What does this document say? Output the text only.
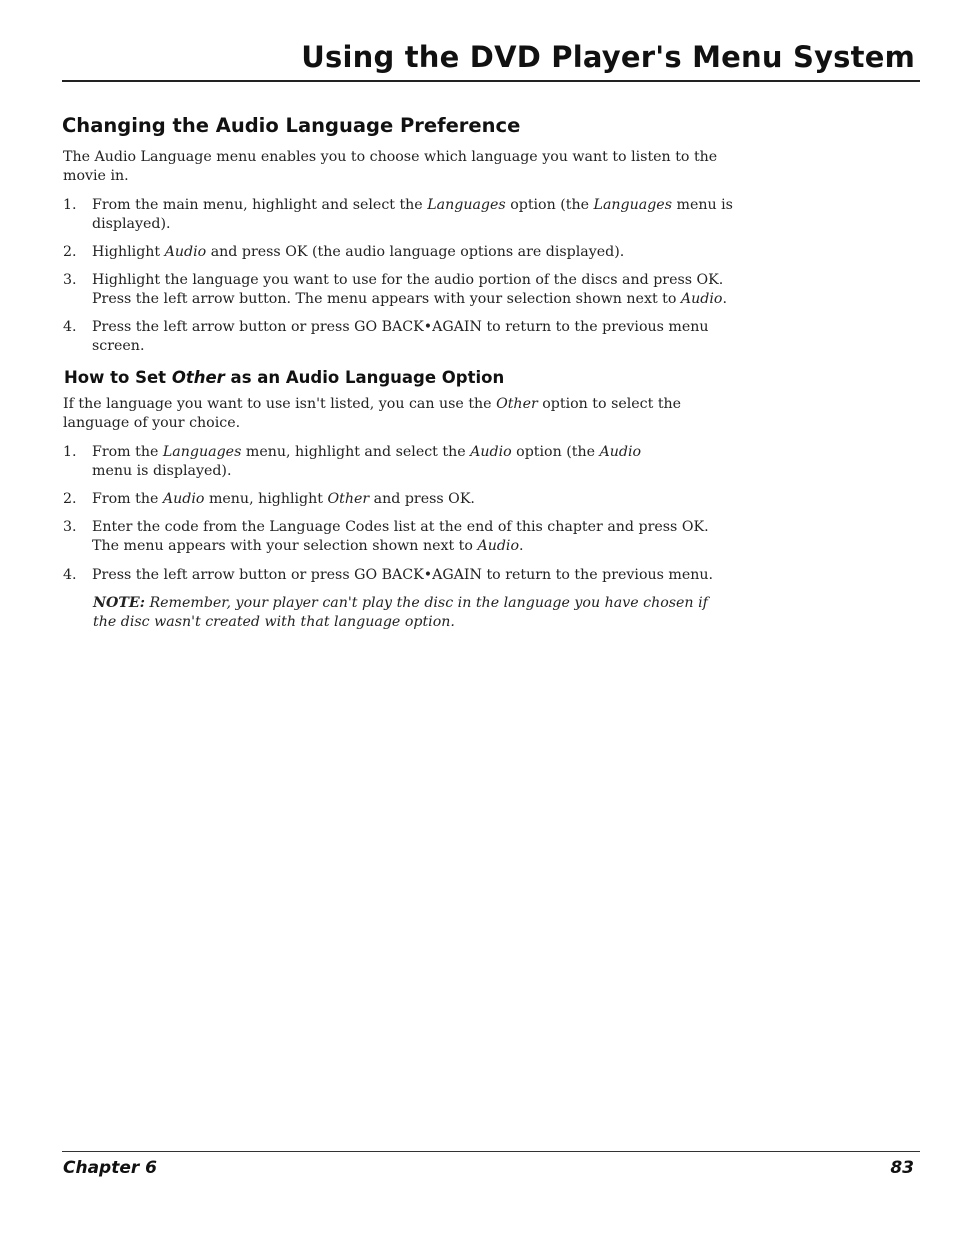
Using the DVD Player's Menu System
Changing the Audio Language Preference
The Audio Language menu enables you to choose which language you want to listen to the movie in.
1. From the main menu, highlight and select the Languages option (the Languages menu is displayed).
2. Highlight Audio and press OK (the audio language options are displayed).
3. Highlight the language you want to use for the audio portion of the discs and press OK. Press the left arrow button. The menu appears with your selection shown next to Audio.
4. Press the left arrow button or press GO BACK•AGAIN to return to the previous menu screen.
How to Set Other as an Audio Language Option
If the language you want to use isn't listed, you can use the Other option to select the language of your choice.
1. From the Languages menu, highlight and select the Audio option (the Audio menu is displayed).
2. From the Audio menu, highlight Other and press OK.
3. Enter the code from the Language Codes list at the end of this chapter and press OK. The menu appears with your selection shown next to Audio.
4. Press the left arrow button or press GO BACK•AGAIN to return to the previous menu.
NOTE: Remember, your player can't play the disc in the language you have chosen if the disc wasn't created with that language option.
Chapter 6	83
